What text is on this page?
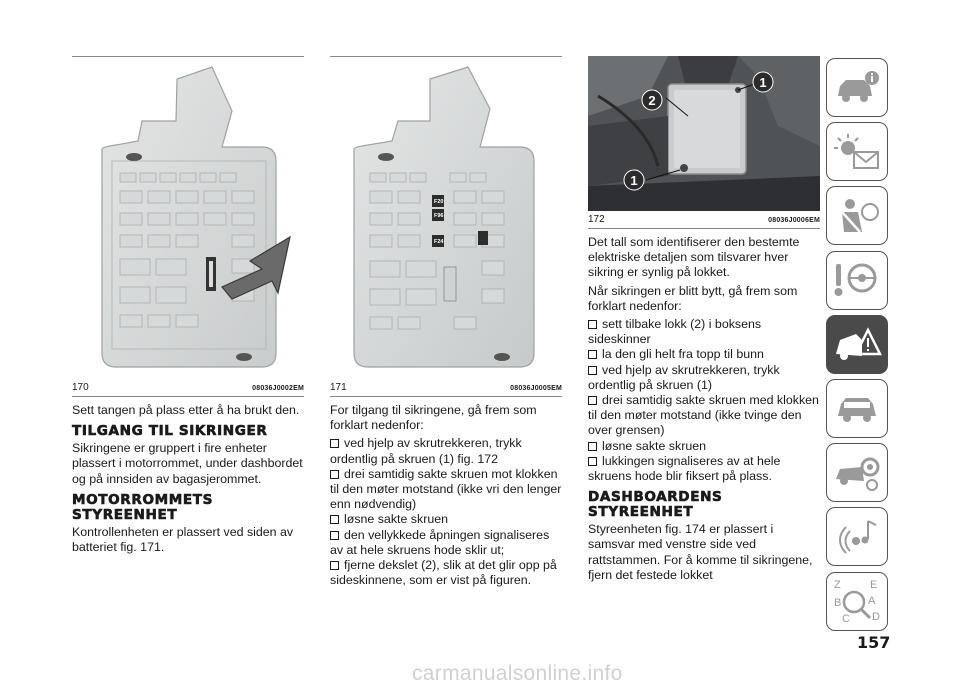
170	08036J0002EM

Sett tangen på plass etter å ha brukt den.

TILGANG TIL SIKRINGER

Sikringene er gruppert i fire enheter plassert i motorrommet, under dashbordet og på innsiden av bagasjerommet.

MOTORROMMETS STYREENHET

Kontrollenheten er plassert ved siden av batteriet fig. 171.

F20
F96
F24
171	08036J0005EM

For tilgang til sikringene, gå frem som forklart nedenfor:

ved hjelp av skrutrekkeren, trykk ordentlig på skruen (1) fig. 172
drei samtidig sakte skruen mot klokken til den møter motstand (ikke vri den lenger enn nødvendig)
løsne sakte skruen
den vellykkede åpningen signaliseres av at hele skruens hode sklir ut;
fjerne dekslet (2), slik at det glir opp på sideskinnene, som er vist på figuren.
1
2
1
172	08036J0006EM

Det tall som identifiserer den bestemte elektriske detaljen som tilsvarer hver sikring er synlig på lokket.

Når sikringen er blitt bytt, gå frem som forklart nedenfor:

sett tilbake lokk (2) i boksens sideskinner
la den gli helt fra topp til bunn
ved hjelp av skrutrekkeren, trykk ordentlig på skruen (1)
drei samtidig sakte skruen med klokken til den møter motstand (ikke tvinge den over grensen)
løsne sakte skruen
lukkingen signaliseres av at hele skruens hode blir fiksert på plass.
DASHBOARDENS STYREENHET

Styreenheten fig. 174 er plassert i samsvar med venstre side ved rattstammen. For å komme til sikringene, fjern det festede lokket

Z	E
A
B
C D
157
carmanualsonline.info
